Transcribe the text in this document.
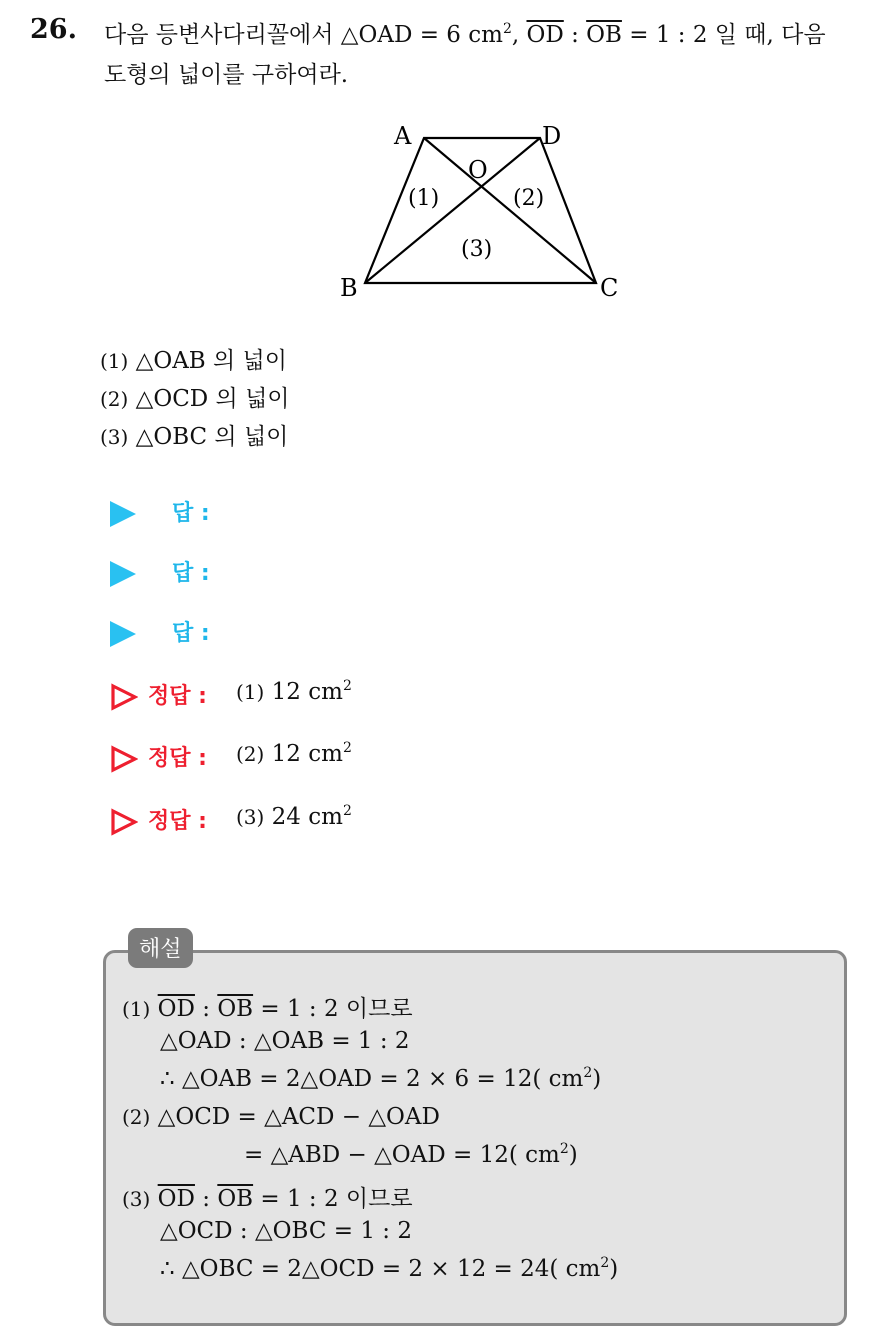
26. 다음 등변사다리꼴에서 △OAD = 6 $cm^2$, $\overline{OD}$ : $\overline{OB} = 1$ : 2 일 때, 다음
도형의 넓이를 구하여라.
A	D
O
B	C
(1)	(2)
(3)
(1) △OAB 의 넓이
(2) △OCD 의 넓이
(3) △OBC 의 넓이
답 :
답 :
답 :
정답 : (1) 12 $cm^2$
정답 : (2) 12 $cm^2$
정답 : (3) 24 $cm^2$
해설
(1) $\overline{OD}$ : $\overline{OB} = 1$ : 2 이므로
△OAD : △OAB = 1 : 2
∴ △OAB = 2△OAD = 2 × 6 = 12( $cm^2$)
(2) △OCD = △ACD − △OAD
= △ABD − △OAD = 12( $cm^2$)
(3) $\overline{OD}$ : $\overline{OB} = 1$ : 2 이므로
△OCD : △OBC = 1 : 2
∴ △OBC = 2△OCD = 2 × 12 = 24( $cm^2$)
